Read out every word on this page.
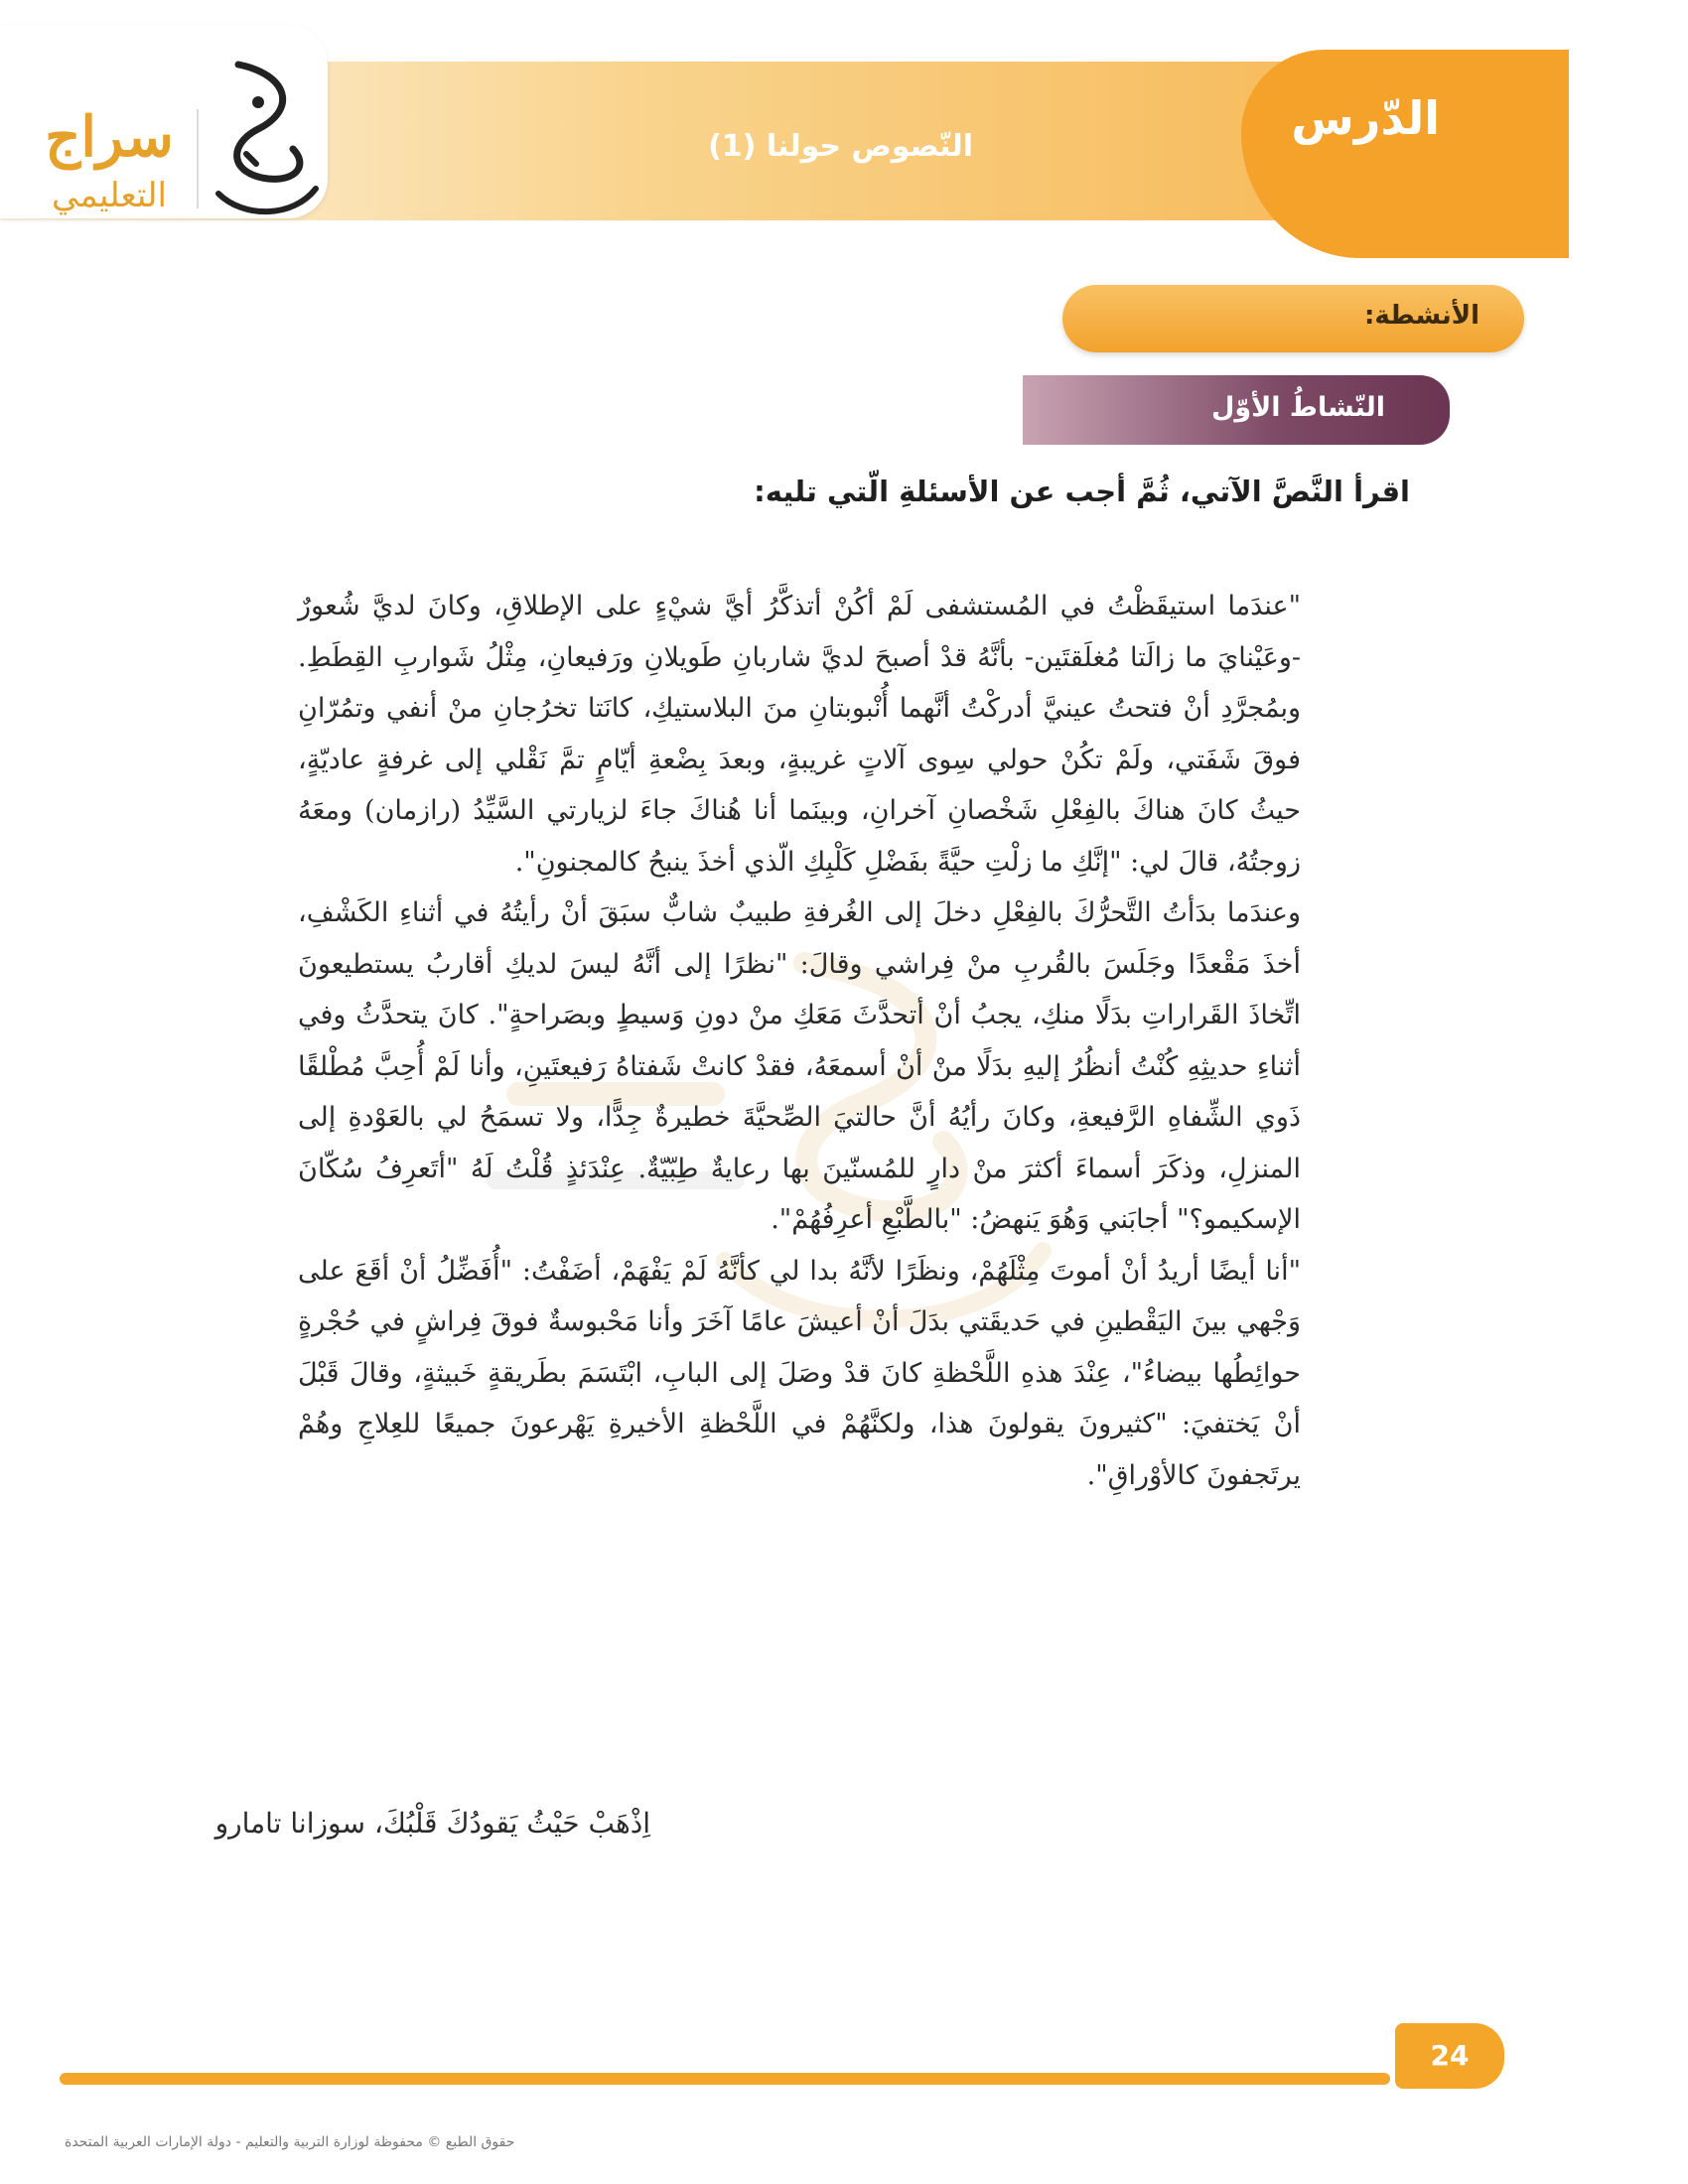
الدّرس
النّصوص حولنا (1)
سراج
التعليمي
الأنشطة:
النّشاطُ الأوّل
اقرأ النَّصَّ الآتي، ثُمَّ أجب عن الأسئلةِ الّتي تليه:

"عندَما استيقَظْتُ في المُستشفى لَمْ أكُنْ أتذكَّرُ أيَّ شيْءٍ على الإطلاقِ، وكانَ لديَّ شُعورٌ -وعَيْنايَ ما زالَتا مُغلَقتَين- بأنَّهُ قدْ أصبحَ لديَّ شاربانِ طَويلانِ ورَفيعانِ، مِثْلُ شَواربِ القِطَطِ. وبمُجرَّدِ أنْ فتحتُ عينيَّ أدركْتُ أنَّهما أُنْبوبتانِ منَ البلاستيكِ، كانَتا تخرُجانِ منْ أنفي وتمُرّانِ فوقَ شَفَتي، ولَمْ تكُنْ حولي سِوى آلاتٍ غريبةٍ، وبعدَ بِضْعةِ أيّامٍ تمَّ نَقْلي إلى غرفةٍ عاديّةٍ، حيثُ كانَ هناكَ بالفِعْلِ شَخْصانِ آخرانِ، وبينَما أنا هُناكَ جاءَ لزيارتي السَّيِّدُ (رازمان) ومعَهُ زوجتُهُ، قالَ لي: "إنَّكِ ما زلْتِ حيَّةً بفَضْلِ كَلْبِكِ الّذي أخذَ ينبحُ كالمجنونِ".

وعندَما بدَأتُ التَّحرُّكَ بالفِعْلِ دخلَ إلى الغُرفةِ طبيبٌ شابٌّ سبَقَ أنْ رأيتُهُ في أثناءِ الكَشْفِ، أخذَ مَقْعدًا وجَلَسَ بالقُربِ منْ فِراشي وقالَ: "نظرًا إلى أنَّهُ ليسَ لديكِ أقاربُ يستطيعونَ اتِّخاذَ القَراراتِ بدَلًا منكِ، يجبُ أنْ أتحدَّثَ مَعَكِ منْ دونِ وَسيطٍ وبصَراحةٍ". كانَ يتحدَّثُ وفي أثناءِ حديثِهِ كُنْتُ أنظُرُ إليهِ بدَلًا منْ أنْ أسمعَهُ، فقدْ كانتْ شَفتاهُ رَفيعتَينِ، وأنا لَمْ أُحِبَّ مُطْلقًا ذَوي الشِّفاهِ الرَّفيعةِ، وكانَ رأيُهُ أنَّ حالتيَ الصِّحيَّةَ خطيرةٌ جِدًّا، ولا تسمَحُ لي بالعَوْدةِ إلى المنزلِ، وذكَرَ أسماءَ أكثرَ منْ دارٍ للمُسنّينَ بها رعايةٌ طِبّيّةٌ. عِنْدَئذٍ قُلْتُ لَهُ "أتَعرِفُ سُكّانَ الإسكيمو؟" أجابَني وَهُوَ يَنهضُ: "بالطَّبْعِ أعرِفُهُمْ".

"أنا أيضًا أريدُ أنْ أموتَ مِثْلَهُمْ، ونظَرًا لأنَّهُ بدا لي كأنَّهُ لَمْ يَفْهَمْ، أضَفْتُ: "أُفَضِّلُ أنْ أقَعَ على وَجْهي بينَ اليَقْطينِ في حَديقَتي بدَلَ أنْ أعيشَ عامًا آخَرَ وأنا مَحْبوسةٌ فوقَ فِراشٍ في حُجْرةٍ حوائِطُها بيضاءُ"، عِنْدَ هذهِ اللَّحْظةِ كانَ قدْ وصَلَ إلى البابِ، ابْتَسَمَ بطَريقةٍ خَبيثةٍ، وقالَ قَبْلَ أنْ يَختفيَ: "كثيرونَ يقولونَ هذا، ولكنَّهُمْ في اللَّحْظةِ الأخيرةِ يَهْرعونَ جميعًا للعِلاجِ وهُمْ يرتَجفونَ كالأوْراقِ".

اِذْهَبْ حَيْثُ يَقودُكَ قَلْبُكَ، سوزانا تامارو
24
حقوق الطبع © محفوظة لوزارة التربية والتعليم - دولة الإمارات العربية المتحدة
